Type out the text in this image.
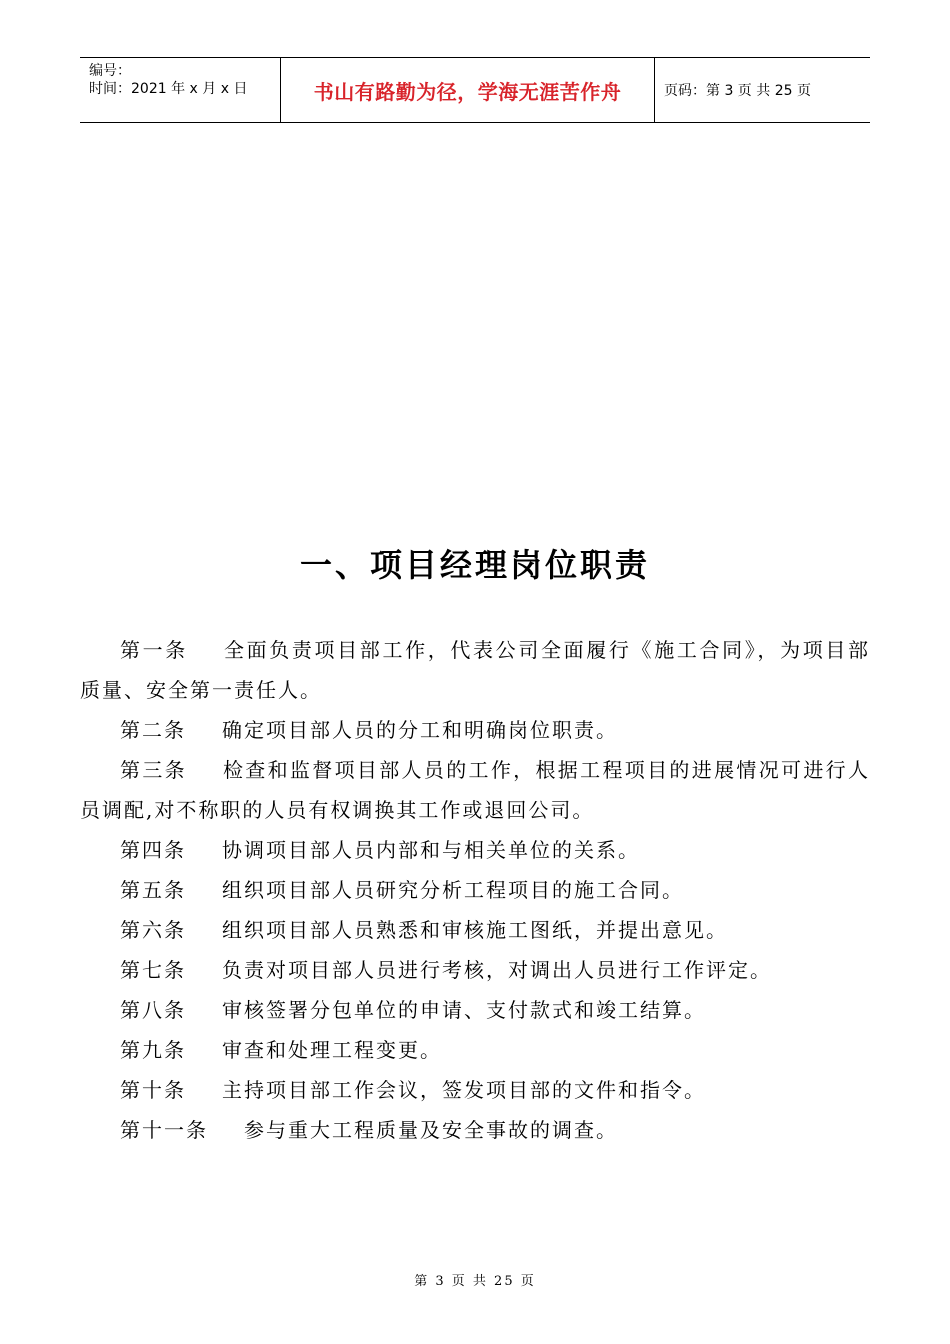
编号：
时间：2021 年 x 月 x 日	书山有路勤为径，学海无涯苦作舟	页码：第 3 页 共 25 页
一、项目经理岗位职责

第一条 全面负责项目部工作，代表公司全面履行《施工合同》，为项目部质量、安全第一责任人。

第二条 确定项目部人员的分工和明确岗位职责。

第三条 检查和监督项目部人员的工作，根据工程项目的进展情况可进行人员调配,对不称职的人员有权调换其工作或退回公司。

第四条 协调项目部人员内部和与相关单位的关系。

第五条 组织项目部人员研究分析工程项目的施工合同。

第六条 组织项目部人员熟悉和审核施工图纸，并提出意见。

第七条 负责对项目部人员进行考核，对调出人员进行工作评定。

第八条 审核签署分包单位的申请、支付款式和竣工结算。

第九条 审查和处理工程变更。

第十条 主持项目部工作会议，签发项目部的文件和指令。

第十一条 参与重大工程质量及安全事故的调查。

第 3 页 共 25 页
